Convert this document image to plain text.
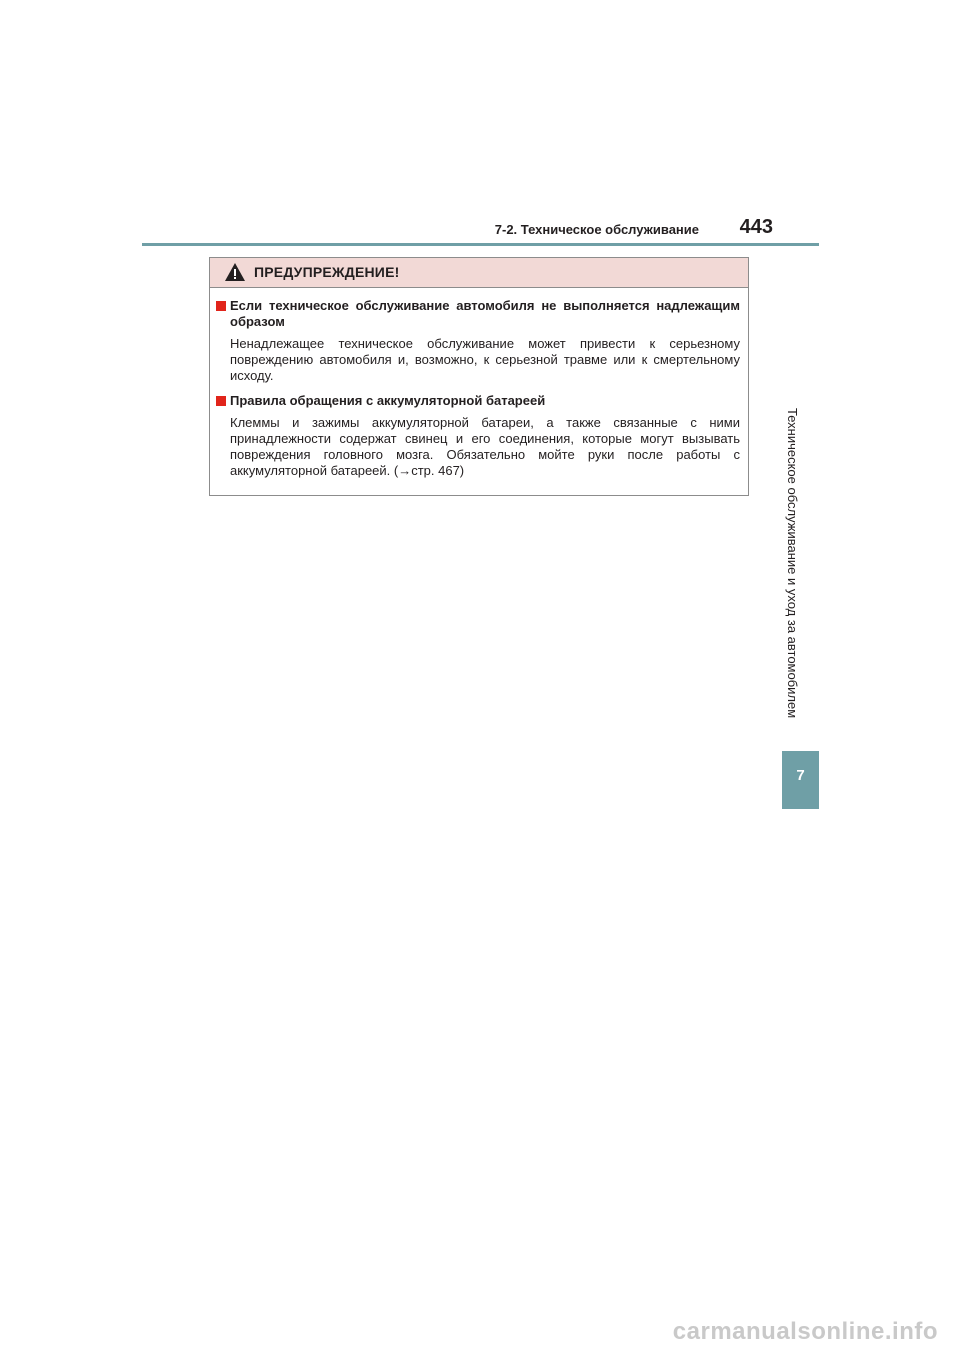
7-2. Техническое обслуживание 443
ПРЕДУПРЕЖДЕНИЕ!
Если техническое обслуживание автомобиля не выполняется надлежащим образом
Ненадлежащее техническое обслуживание может привести к серьезному повреждению автомобиля и, возможно, к серьезной травме или к смертельному исходу.
Правила обращения с аккумуляторной батареей
Клеммы и зажимы аккумуляторной батареи, а также связанные с ними принадлежности содержат свинец и его соединения, которые могут вызывать повреждения головного мозга. Обязательно мойте руки после работы с аккумуляторной батареей. (→стр. 467)	Техническое обслуживание и уход за автомобилем
7
carmanualsonline.info
